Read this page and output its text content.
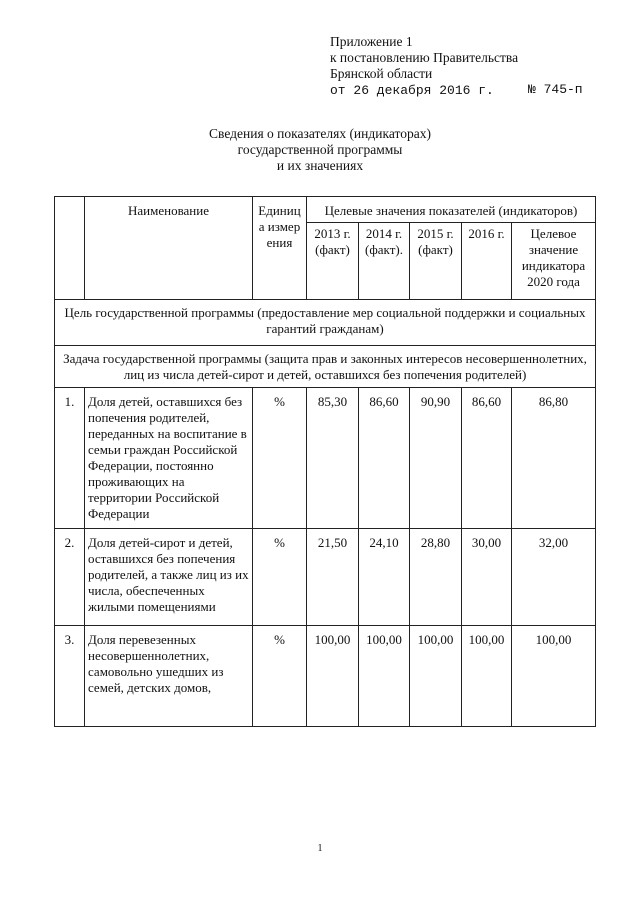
Приложение 1
к постановлению Правительства
Брянской области
от 26 декабря 2016 г.	№ 745-п
Сведения о показателях (индикаторах)
государственной программы
и их значениях
	Наименование	Единица измерения	Целевые значения показателей (индикаторов)				
			2013 г. (факт)	2014 г. (факт).	2015 г. (факт)	2016 г.	Целевое значение индикатора 2020 года
Цель государственной программы (предоставление мер социальной поддержки и социальных гарантий гражданам)							
Задача государственной программы (защита прав и законных интересов несовершеннолетних, лиц из числа детей-сирот и детей, оставшихся без попечения родителей)							
1.	Доля детей, оставшихся без попечения родителей, переданных на воспитание в семьи граждан Российской Федерации, постоянно проживающих на территории Российской Федерации	%	85,30	86,60	90,90	86,60	86,80
2.	Доля детей-сирот и детей, оставшихся без попечения родителей, а также лиц из их числа, обеспеченных жилыми помещениями	%	21,50	24,10	28,80	30,00	32,00
3.	Доля перевезенных несовершеннолетних, самовольно ушедших из семей, детских домов,	%	100,00	100,00	100,00	100,00	100,00
1
